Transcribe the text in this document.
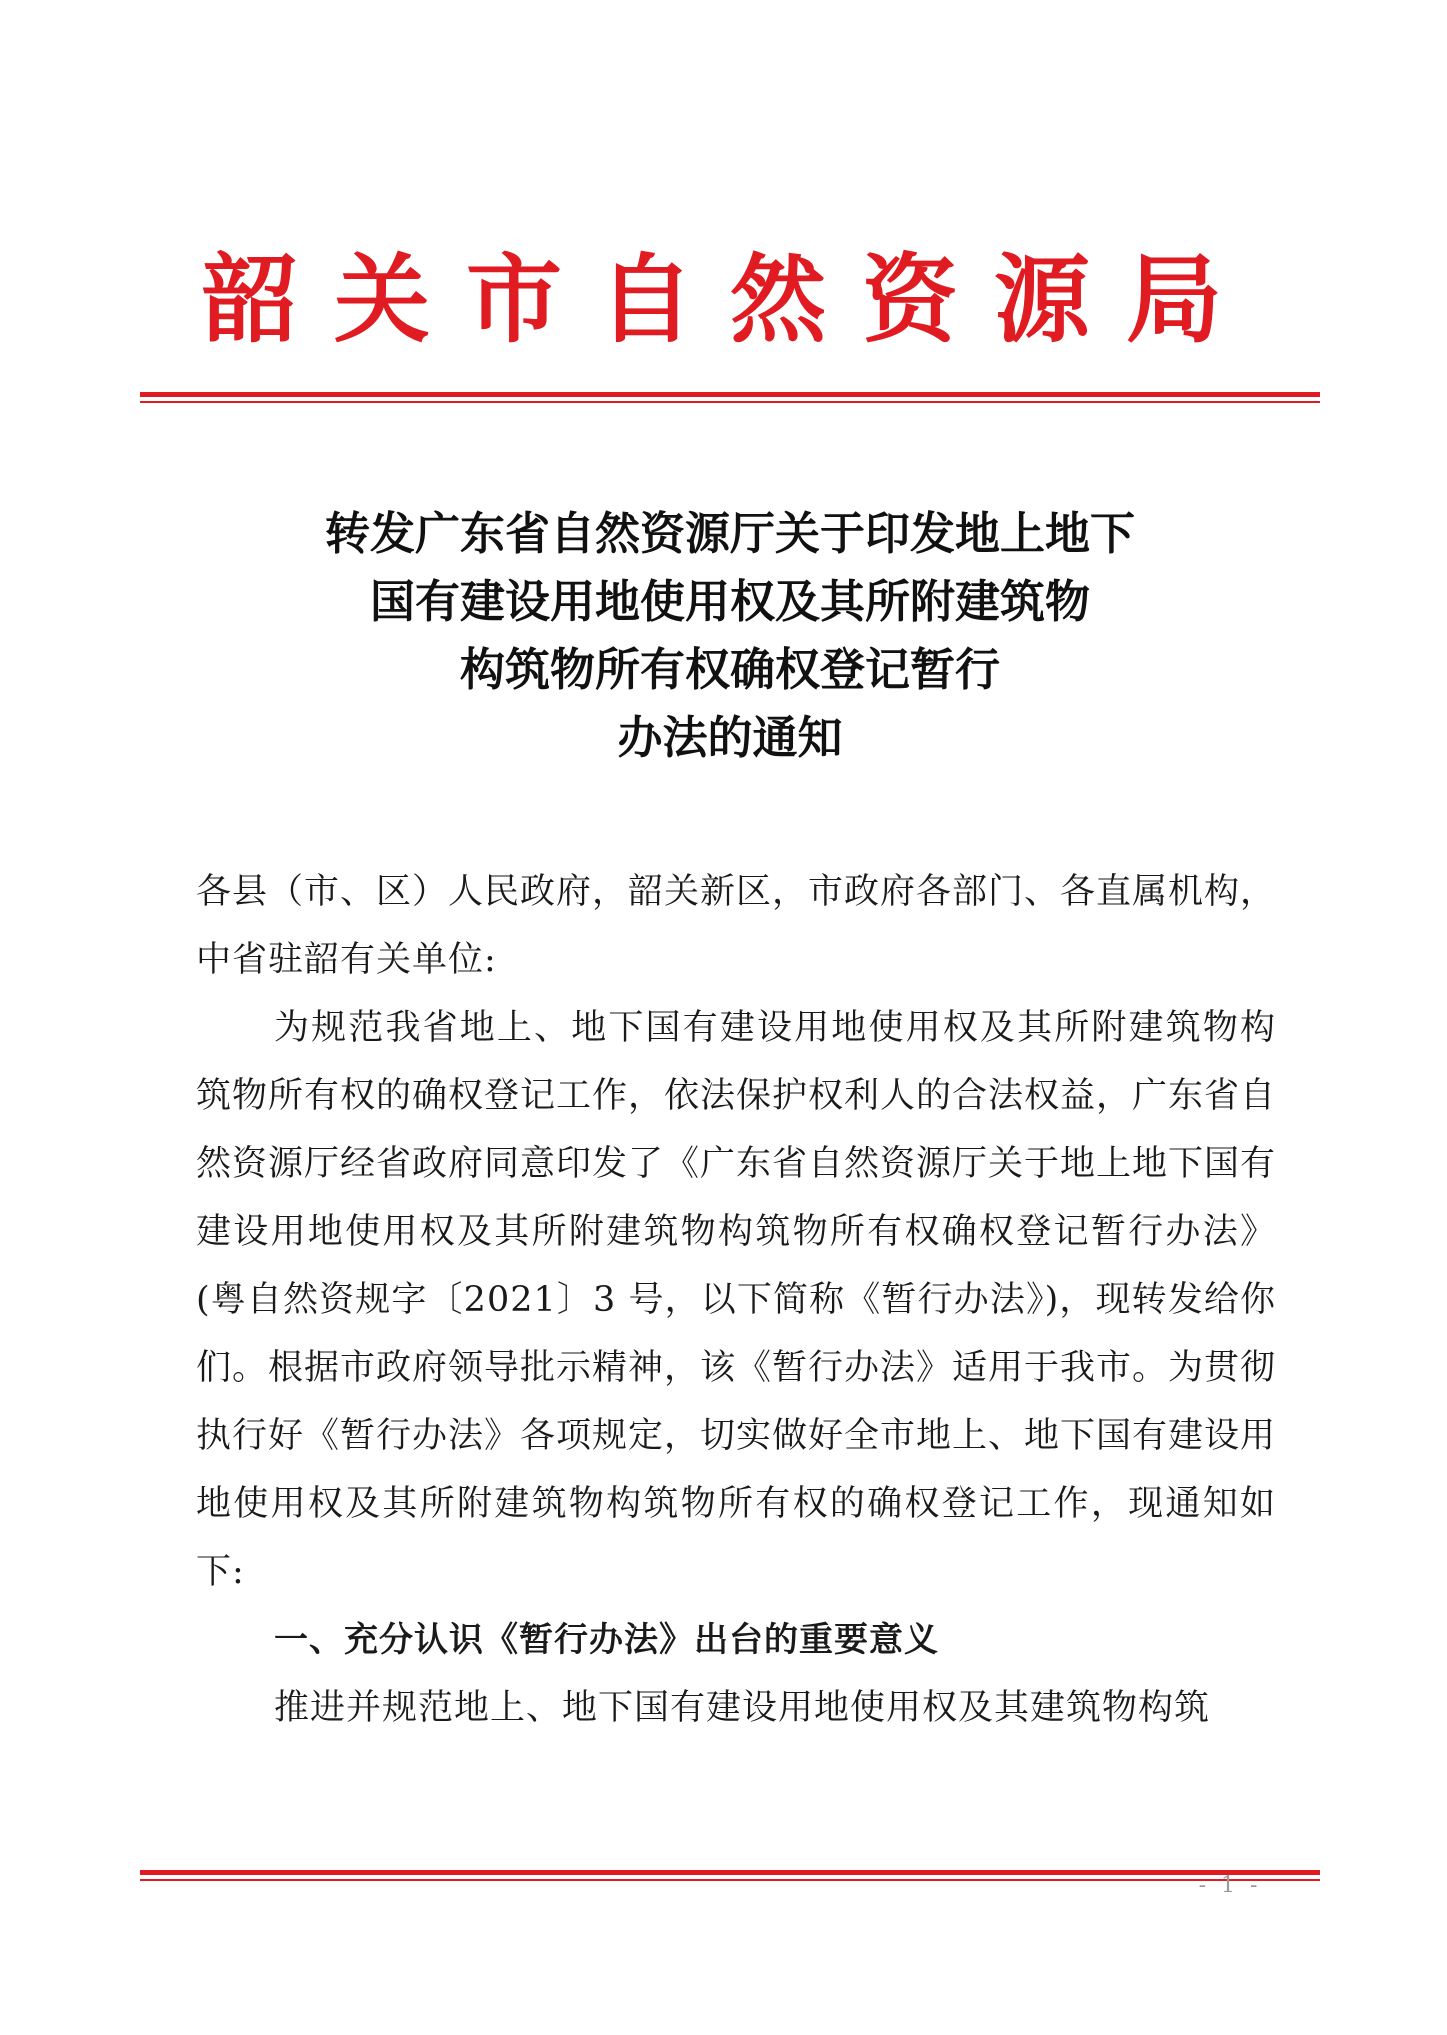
韶关市自然资源局
转发广东省自然资源厅关于印发地上地下
国有建设用地使用权及其所附建筑物
构筑物所有权确权登记暂行
办法的通知

各县（市、区）人民政府，韶关新区，市政府各部门、各直属机构，中省驻韶有关单位:

为规范我省地上、地下国有建设用地使用权及其所附建筑物构筑物所有权的确权登记工作，依法保护权利人的合法权益，广东省自然资源厅经省政府同意印发了《广东省自然资源厅关于地上地下国有建设用地使用权及其所附建筑物构筑物所有权确权登记暂行办法》(粤自然资规字〔2021〕3 号，以下简称《暂行办法》)，现转发给你们。根据市政府领导批示精神，该《暂行办法》适用于我市。为贯彻执行好《暂行办法》各项规定，切实做好全市地上、地下国有建设用地使用权及其所附建筑物构筑物所有权的确权登记工作，现通知如下:

一、充分认识《暂行办法》出台的重要意义

推进并规范地上、地下国有建设用地使用权及其建筑物构筑

- 1 -
